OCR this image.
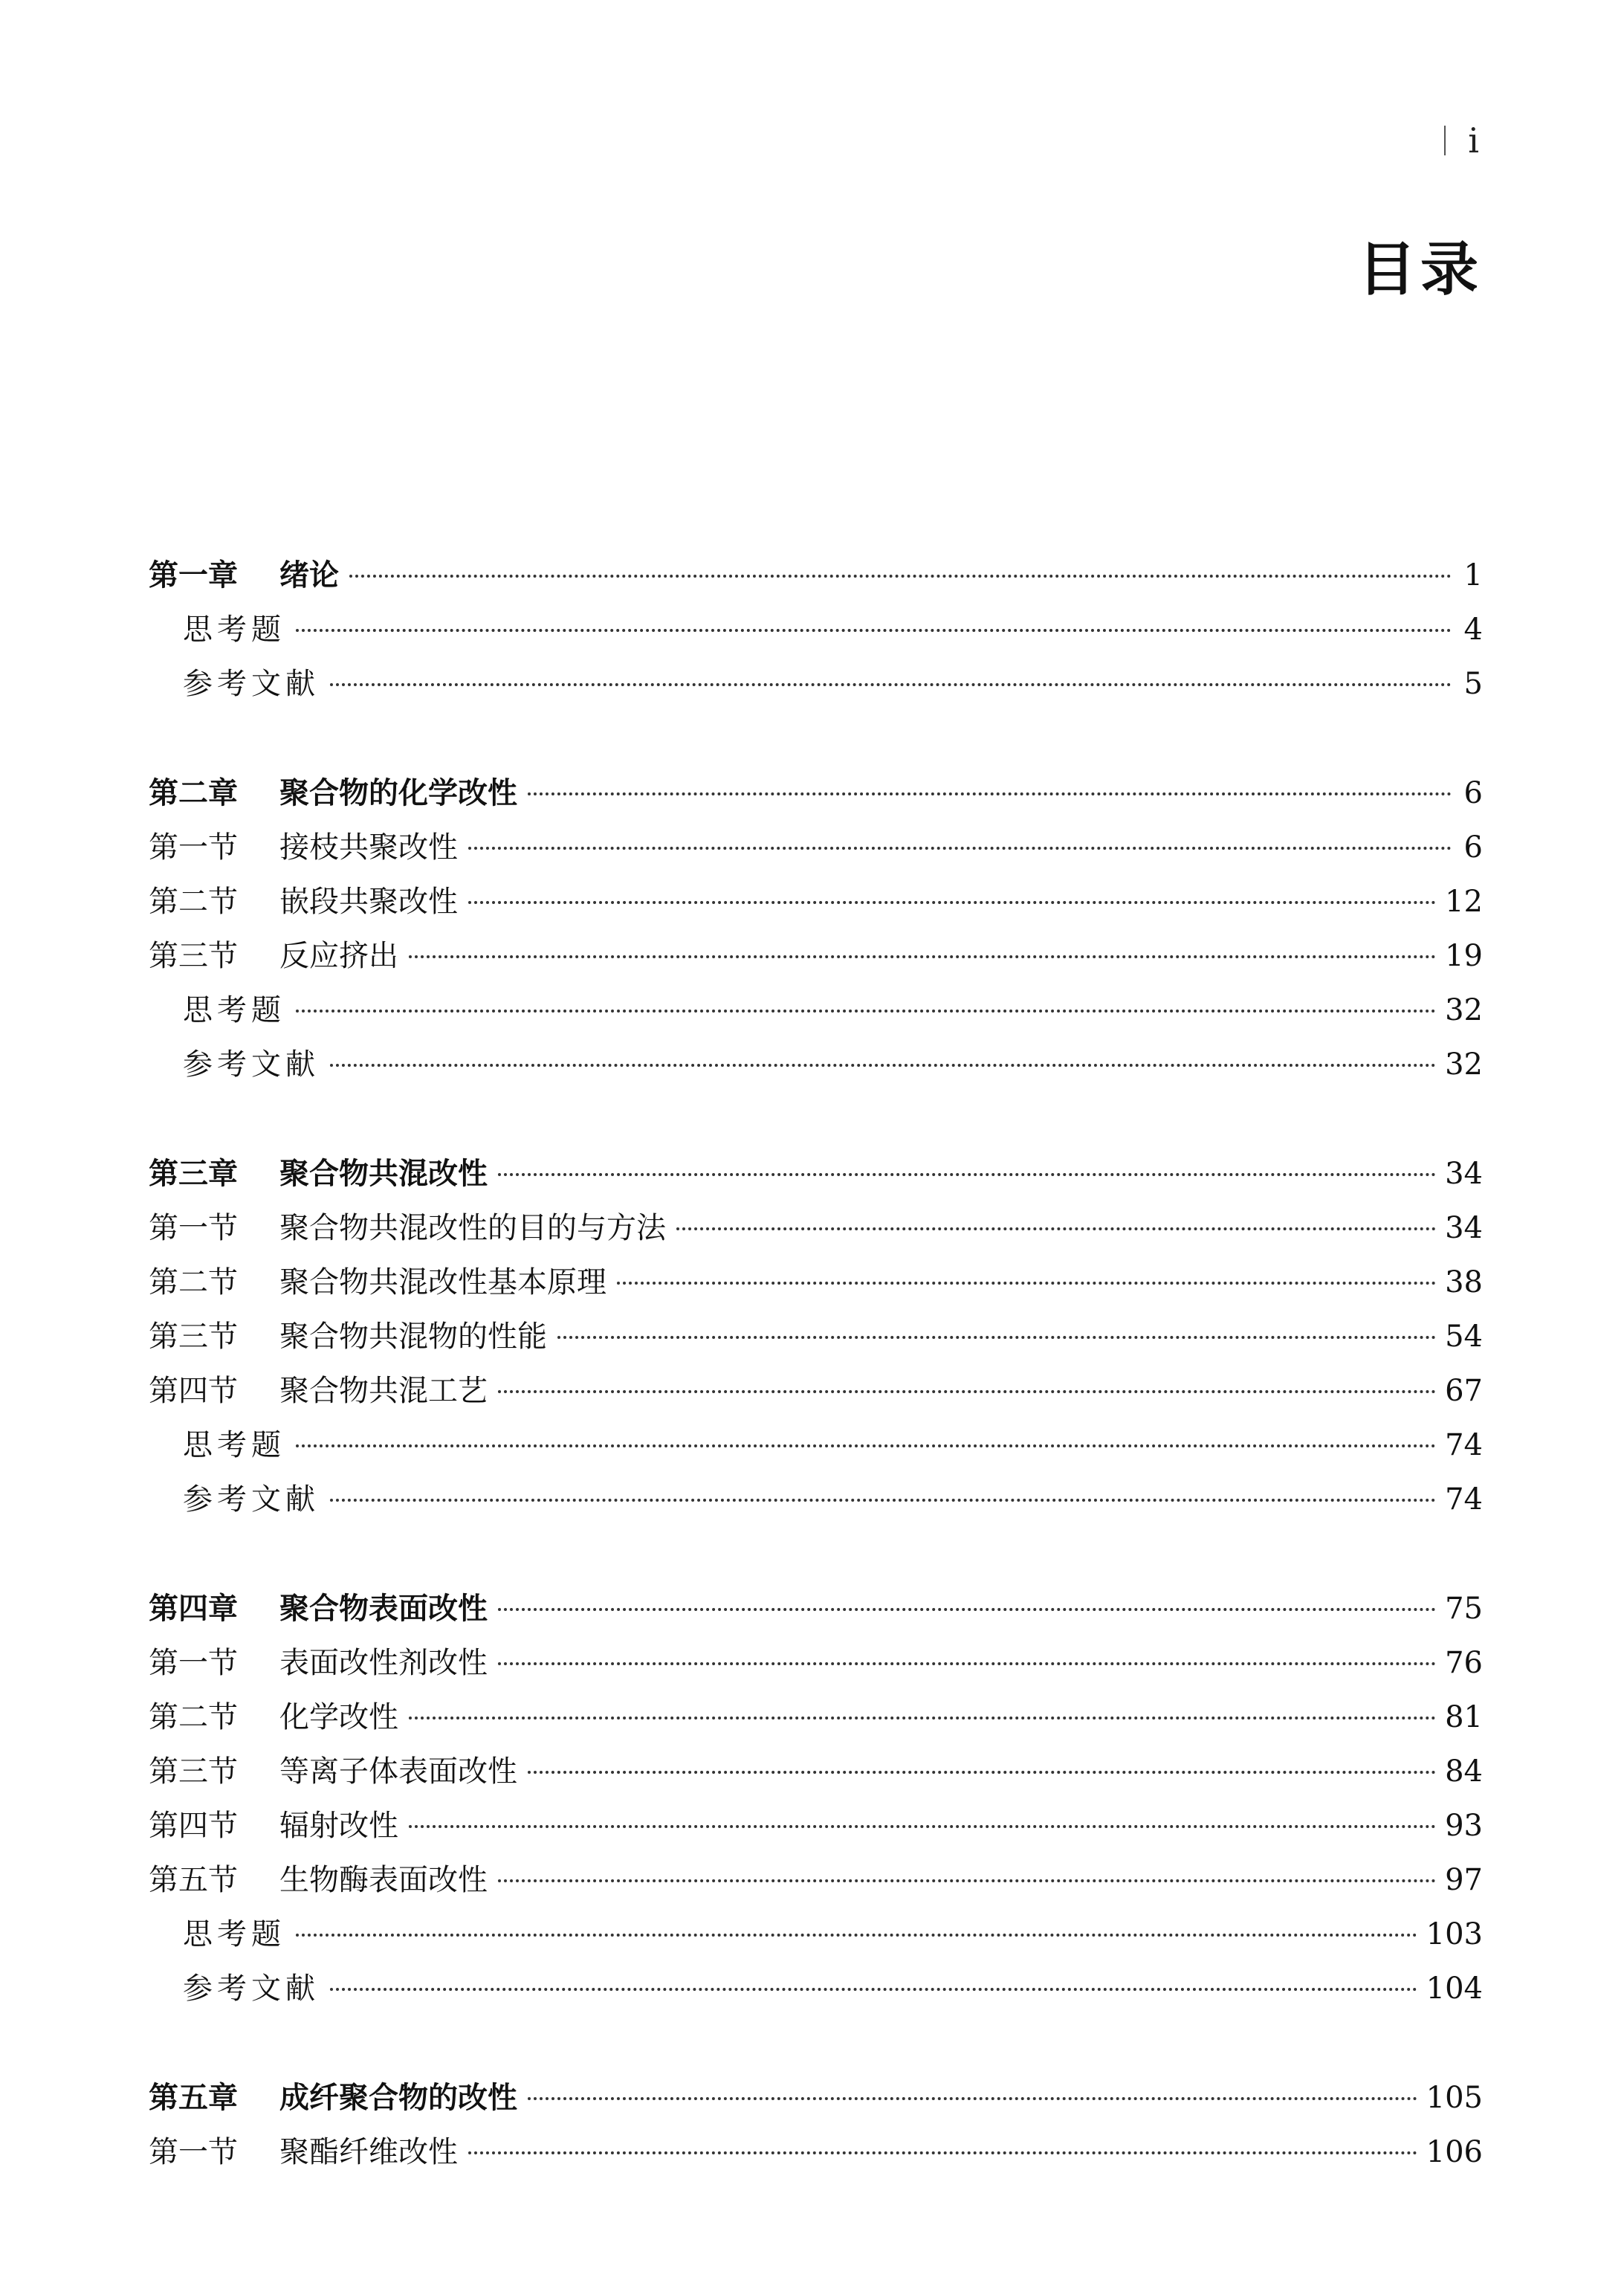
i
目录
第一章 绪论	1
思考题	4
参考文献	5
第二章 聚合物的化学改性	6
第一节 接枝共聚改性	6
第二节 嵌段共聚改性	12
第三节 反应挤出	19
思考题	32
参考文献	32
第三章 聚合物共混改性	34
第一节 聚合物共混改性的目的与方法	34
第二节 聚合物共混改性基本原理	38
第三节 聚合物共混物的性能	54
第四节 聚合物共混工艺	67
思考题	74
参考文献	74
第四章 聚合物表面改性	75
第一节 表面改性剂改性	76
第二节 化学改性	81
第三节 等离子体表面改性	84
第四节 辐射改性	93
第五节 生物酶表面改性	97
思考题	103
参考文献	104
第五章 成纤聚合物的改性	105
第一节 聚酯纤维改性	106
